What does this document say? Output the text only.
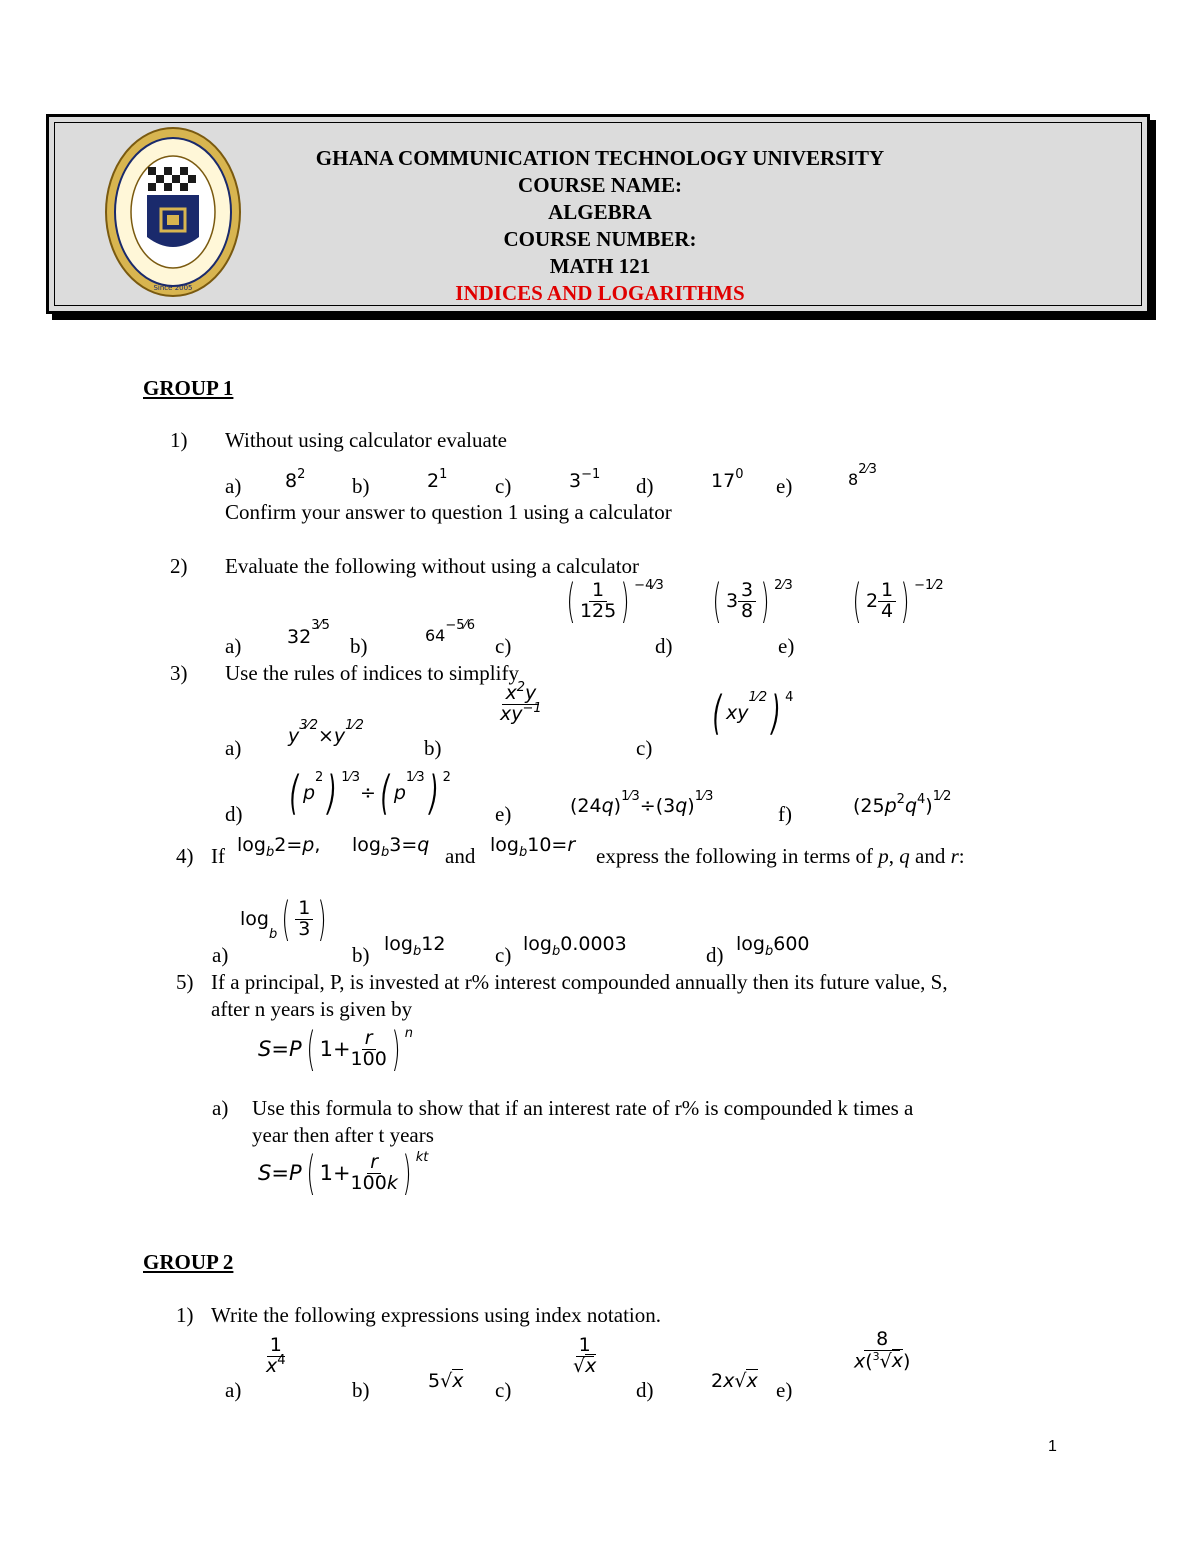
Since 2005
GHANA COMMUNICATION TECHNOLOGY UNIVERSITY
COURSE NAME:
ALGEBRA
COURSE NUMBER:
MATH 121
INDICES AND LOGARITHMS
GROUP 1
1) Without using calculator evaluate
a) $8^2$ b)	$2^1$ c)	$3^{-1}$ d)	$17^0$ e)	$8^{2⁄3}$
Confirm your answer to question 1 using a calculator
2) Evaluate the following without using a calculator
a) $32^{3⁄5}$
b)	$64^{-5⁄6}$
c)
( $\frac{1}{125}$ ) −4⁄3
d)
( $3 \frac{3}{8}$ ) 2⁄3
e)
( $2 \frac{1}{4}$ ) −1⁄2
3) Use the rules of indices to simplify
a) $y^{3⁄2}\times y^{1⁄2}$
b)
$\frac{x^2y}{xy^{-1}}$
c)
( xy
1⁄2 ) 4
d) ( p
2 ) 1⁄3
÷ ( p
1⁄3 ) 2
e)	$(24q)^{1⁄3}\div(3q)^{1⁄3}$
f)	$(25p^2q^4)^{1⁄2}$
4) If $\log_b2=p$, $\log_b3=q$ and $\log_b10=r$ express the following in terms of p, q and r:
a)
log
b ( $\frac{1}{3}$ )
b) $\log_b12$ c) $\log_b0.0003$	d) $\log_b600$
5) If a principal, P, is invested at r% interest compounded annually then its future value, S,
after n years is given by
S = P ( $1+ \frac{r}{100}$ ) n
a) Use this formula to show that if an interest rate of r% is compounded k times a
year then after t years
S = P ( $1+ \frac{r}{100k}$ ) kt
GROUP 2
1) Write the following expressions using index notation.
a)
$\frac{1}{x^4}$
b)	5√x c)
$\frac{1}{√x}$
d)	2x√x e)
$\frac{8}{x(^3√x)}$
1
